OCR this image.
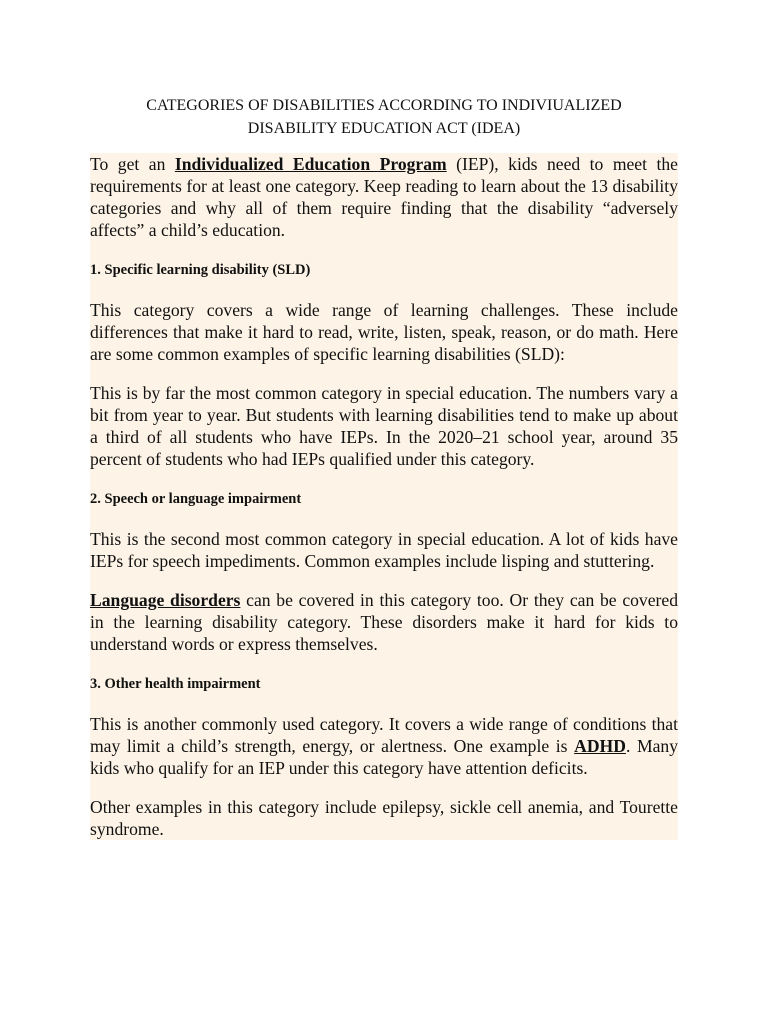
CATEGORIES OF DISABILITIES ACCORDING TO INDIVIUALIZED
DISABILITY EDUCATION ACT (IDEA)

To get an Individualized Education Program (IEP), kids need to meet the requirements for at least one category. Keep reading to learn about the 13 disability categories and why all of them require finding that the disability “adversely affects” a child’s education.

1. Specific learning disability (SLD)

This category covers a wide range of learning challenges. These include differences that make it hard to read, write, listen, speak, reason, or do math. Here are some common examples of specific learning disabilities (SLD):

This is by far the most common category in special education. The numbers vary a bit from year to year. But students with learning disabilities tend to make up about a third of all students who have IEPs. In the 2020–21 school year, around 35 percent of students who had IEPs qualified under this category.

2. Speech or language impairment

This is the second most common category in special education. A lot of kids have IEPs for speech impediments. Common examples include lisping and stuttering.

Language disorders can be covered in this category too. Or they can be covered in the learning disability category. These disorders make it hard for kids to understand words or express themselves.

3. Other health impairment

This is another commonly used category. It covers a wide range of conditions that may limit a child’s strength, energy, or alertness. One example is ADHD. Many kids who qualify for an IEP under this category have attention deficits.

Other examples in this category include epilepsy, sickle cell anemia, and Tourette syndrome.
